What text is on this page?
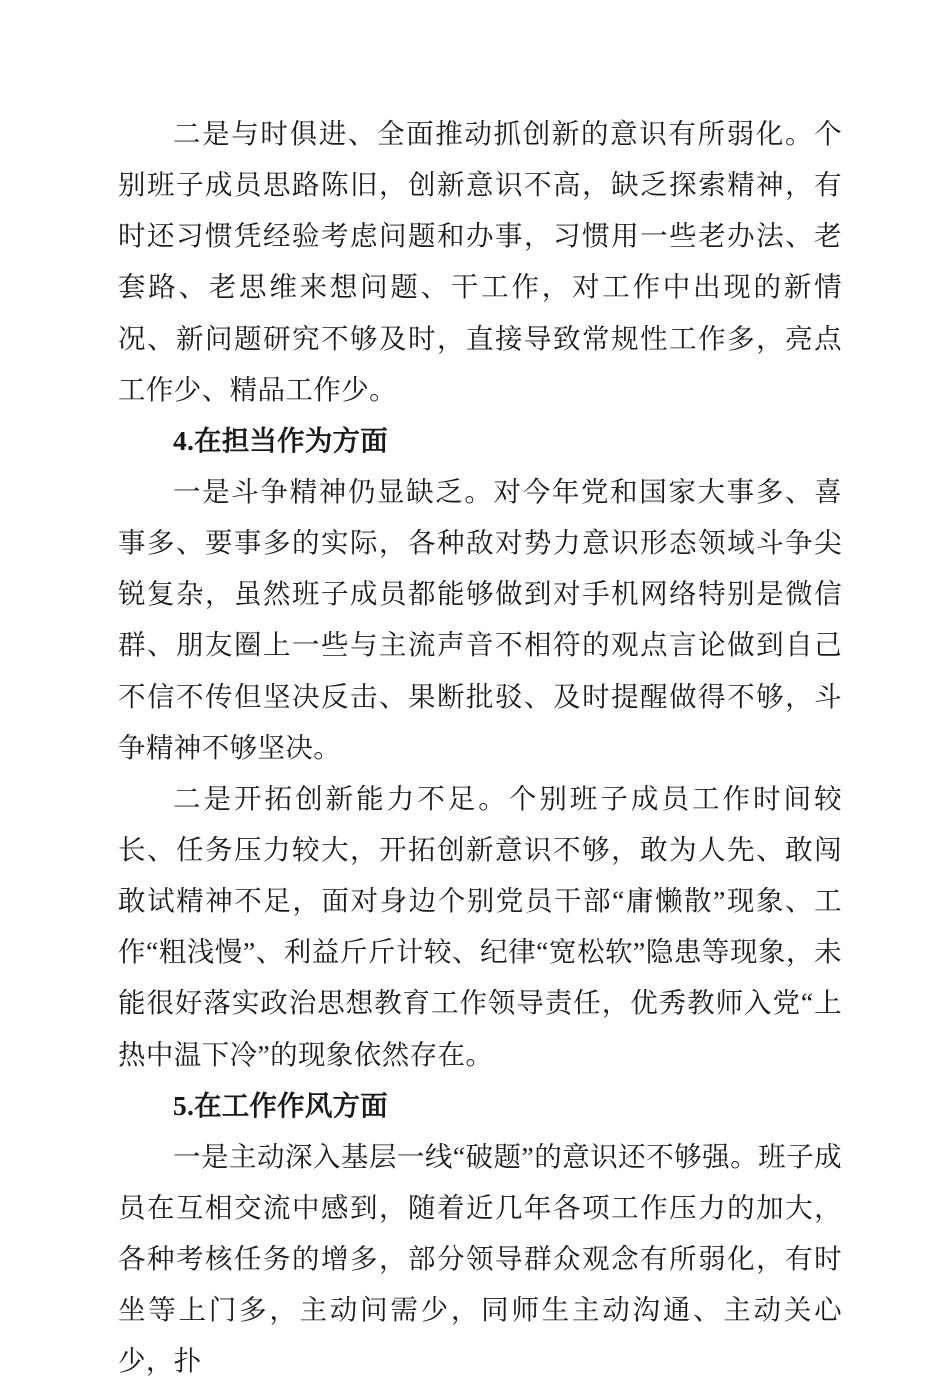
二是与时俱进、全面推动抓创新的意识有所弱化。个别班子成员思路陈旧，创新意识不高，缺乏探索精神，有时还习惯凭经验考虑问题和办事，习惯用一些老办法、老套路、老思维来想问题、干工作，对工作中出现的新情况、新问题研究不够及时，直接导致常规性工作多，亮点工作少、精品工作少。

4.在担当作为方面

一是斗争精神仍显缺乏。对今年党和国家大事多、喜事多、要事多的实际，各种敌对势力意识形态领域斗争尖锐复杂，虽然班子成员都能够做到对手机网络特别是微信群、朋友圈上一些与主流声音不相符的观点言论做到自己不信不传但坚决反击、果断批驳、及时提醒做得不够，斗争精神不够坚决。

二是开拓创新能力不足。个别班子成员工作时间较长、任务压力较大，开拓创新意识不够，敢为人先、敢闯敢试精神不足，面对身边个别党员干部“庸懒散”现象、工作“粗浅慢”、利益斤斤计较、纪律“宽松软”隐患等现象，未能很好落实政治思想教育工作领导责任，优秀教师入党“上热中温下冷”的现象依然存在。

5.在工作作风方面

一是主动深入基层一线“破题”的意识还不够强。班子成员在互相交流中感到，随着近几年各项工作压力的加大，各种考核任务的增多，部分领导群众观念有所弱化，有时坐等上门多，主动问需少，同师生主动沟通、主动关心少，扑
